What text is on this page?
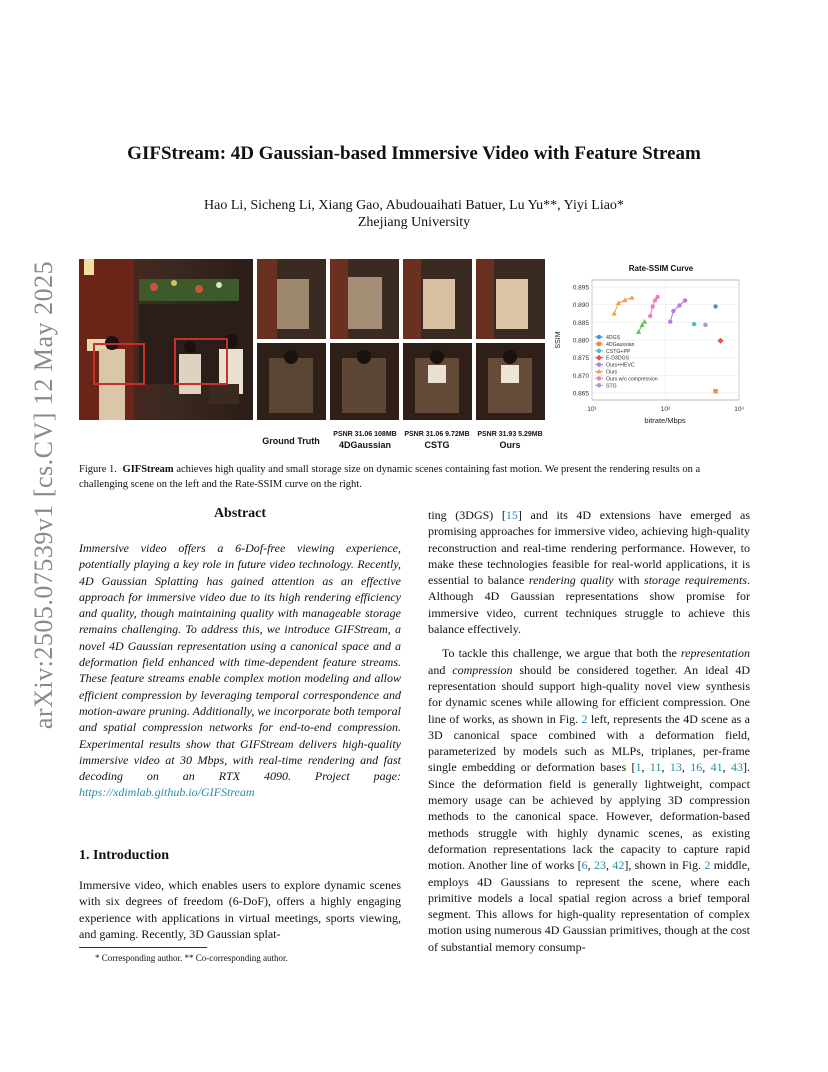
arXiv:2505.07539v1 [cs.CV] 12 May 2025
GIFStream: 4D Gaussian-based Immersive Video with Feature Stream
Hao Li, Sicheng Li, Xiang Gao, Abudouaihati Batuer, Lu Yu**, Yiyi Liao*
Zhejiang University
Ground Truth
PSNR 31.06 108MB
4DGaussian
PSNR 31.06 9.72MB
CSTG
PSNR 31.93 5.29MB
Ours
Rate-SSIM Curve
0.865
0.870
0.875
0.880
0.885
0.890
0.895
10¹	10²	10³
bitrate/Mbps
SSIM	4DGS
4DGaussian
CSTG+PP
E-D3DGS
Ours+HEVC
Ours
Ours w/o compression
STG
Figure 1. GIFStream achieves high quality and small storage size on dynamic scenes containing fast motion. We present the rendering results on a challenging scene on the left and the Rate-SSIM curve on the right.
Abstract
Immersive video offers a 6-Dof-free viewing experience, potentially playing a key role in future video technology. Recently, 4D Gaussian Splatting has gained attention as an effective approach for immersive video due to its high rendering efficiency and quality, though maintaining quality with manageable storage remains challenging. To address this, we introduce GIFStream, a novel 4D Gaussian representation using a canonical space and a deformation field enhanced with time-dependent feature streams. These feature streams enable complex motion modeling and allow efficient compression by leveraging temporal correspondence and motion-aware pruning. Additionally, we incorporate both temporal and spatial compression networks for end-to-end compression. Experimental results show that GIFStream delivers high-quality immersive video at 30 Mbps, with real-time rendering and fast decoding on an RTX 4090. Project page: https://xdimlab.github.io/GIFStream
1. Introduction
Immersive video, which enables users to explore dynamic scenes with six degrees of freedom (6-DoF), offers a highly engaging experience with applications in virtual meetings, sports viewing, and gaming. Recently, 3D Gaussian splat-
* Corresponding author. ** Co-corresponding author.

ting (3DGS) [15] and its 4D extensions have emerged as promising approaches for immersive video, achieving high-quality reconstruction and real-time rendering performance. However, to make these technologies feasible for real-world applications, it is essential to balance rendering quality with storage requirements. Although 4D Gaussian representations show promise for immersive video, current techniques struggle to achieve this balance effectively.

To tackle this challenge, we argue that both the representation and compression should be considered together. An ideal 4D representation should support high-quality novel view synthesis for dynamic scenes while allowing for efficient compression. One line of works, as shown in Fig. 2 left, represents the 4D scene as a 3D canonical space combined with a deformation field, parameterized by models such as MLPs, triplanes, per-frame single embedding or deformation bases [1, 11, 13, 16, 41, 43]. Since the deformation field is generally lightweight, compact memory usage can be achieved by applying 3D compression methods to the canonical space. However, deformation-based methods struggle with highly dynamic scenes, as existing deformation representations lack the capacity to capture rapid motion. Another line of works [6, 23, 42], shown in Fig. 2 middle, employs 4D Gaussians to represent the scene, where each primitive models a local spatial region across a brief temporal segment. This allows for high-quality representation of complex motion using numerous 4D Gaussian primitives, though at the cost of substantial memory consump-
